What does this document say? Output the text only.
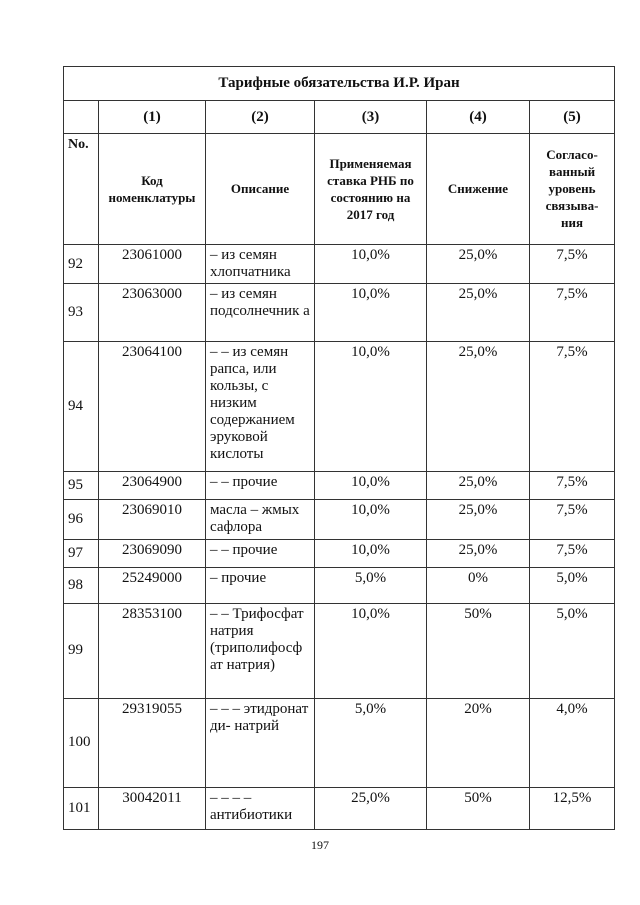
Тарифные обязательства И.Р. Иран					
	(1)	(2)	(3)	(4)	(5)
No.	Код номенклатуры	Описание	Применяемая ставка РНБ по состоянию на 2017 год	Снижение	Согласо- ванный уровень связыва- ния
92	23061000	– из семян хлопчатника	10,0%	25,0%	7,5%
93	23063000	– из семян подсолнечник а	10,0%	25,0%	7,5%
94	23064100	– – из семян рапса, или кользы, с низким содержанием эруковой кислоты	10,0%	25,0%	7,5%
95	23064900	– – прочие	10,0%	25,0%	7,5%
96	23069010	масла – жмых сафлора	10,0%	25,0%	7,5%
97	23069090	– – прочие	10,0%	25,0%	7,5%
98	25249000	– прочие	5,0%	0%	5,0%
99	28353100	– – Трифосфат натрия (триполифосф ат натрия)	10,0%	50%	5,0%
100	29319055	– – – этидронат ди- натрий	5,0%	20%	4,0%
101	30042011	– – – – антибиотики	25,0%	50%	12,5%
197
